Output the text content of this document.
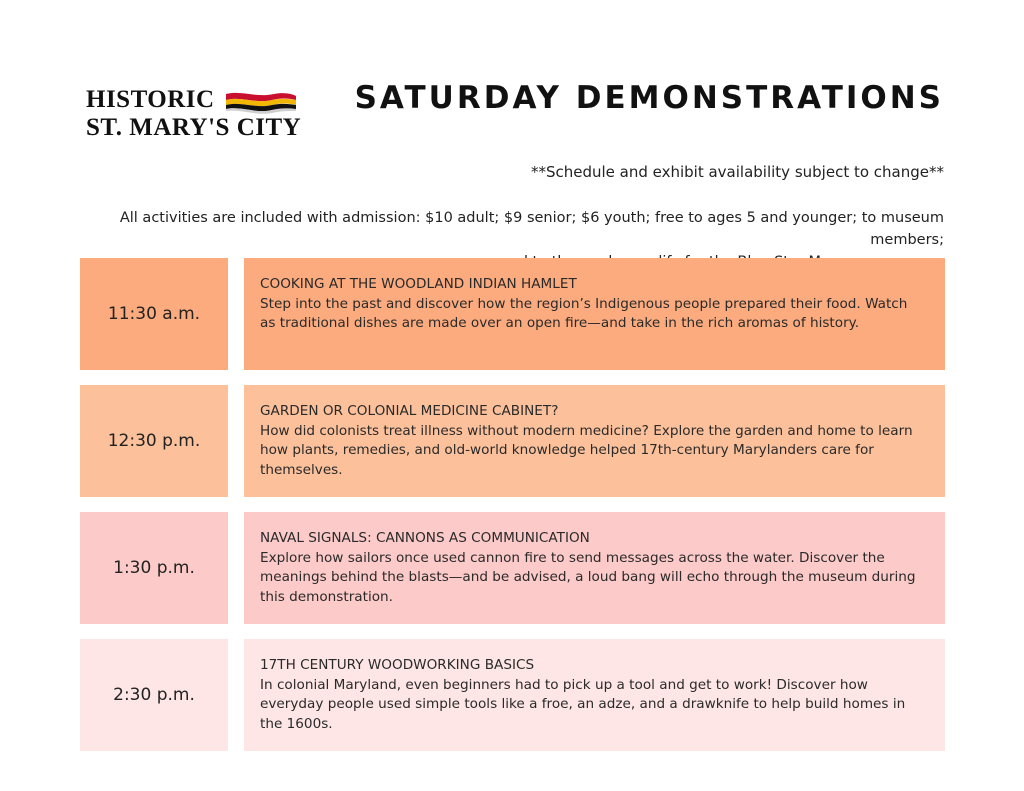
HISTORIC
ST. MARY'S CITY
SATURDAY DEMONSTRATIONS
**Schedule and exhibit availability subject to change**
All activities are included with admission: $10 adult; $9 senior; $6 youth; free to ages 5 and younger; to museum members;
11:30 a.m.
COOKING AT THE WOODLAND INDIAN HAMLET
Step into the past and discover how the region’s Indigenous people prepared their food. Watch as traditional dishes are made over an open fire—and take in the rich aromas of history.
12:30 p.m.
GARDEN OR COLONIAL MEDICINE CABINET?
How did colonists treat illness without modern medicine? Explore the garden and home to learn how plants, remedies, and old-world knowledge helped 17th-century Marylanders care for themselves.
1:30 p.m.
NAVAL SIGNALS: CANNONS AS COMMUNICATION
Explore how sailors once used cannon fire to send messages across the water. Discover the meanings behind the blasts—and be advised, a loud bang will echo through the museum during this demonstration.
2:30 p.m.
17TH CENTURY WOODWORKING BASICS
In colonial Maryland, even beginners had to pick up a tool and get to work! Discover how everyday people used simple tools like a froe, an adze, and a drawknife to help build homes in the 1600s.
